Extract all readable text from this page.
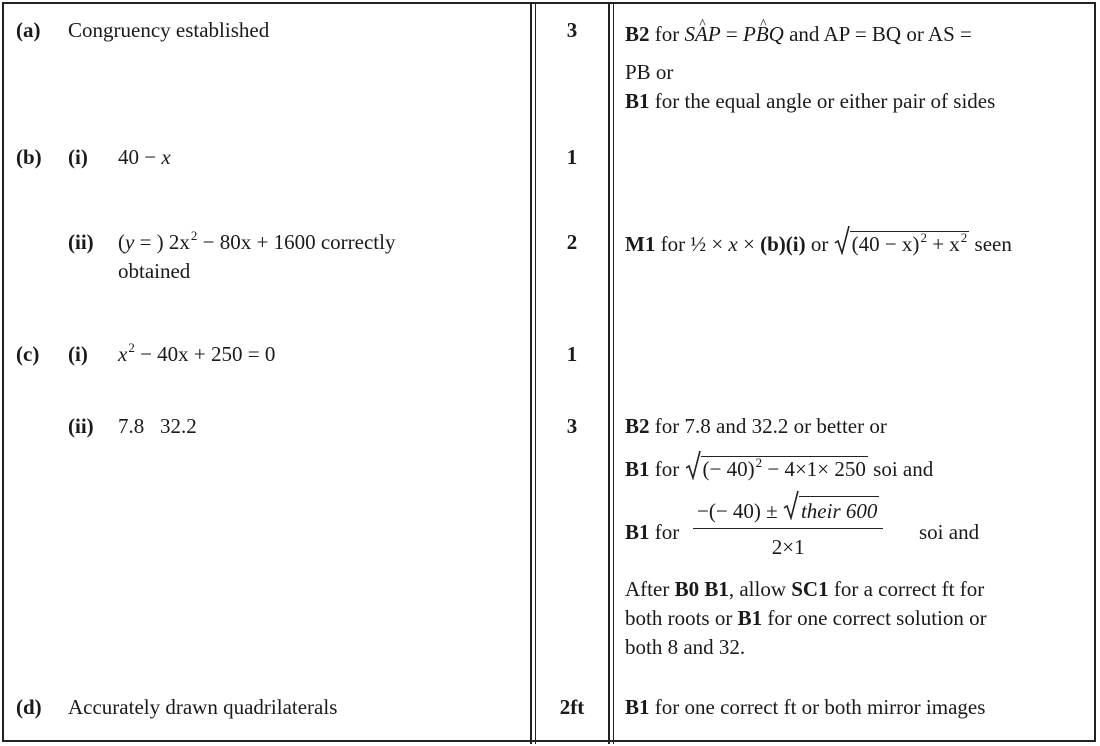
(a) Congruency established	3	B2 for ^ SAP = ^ PBQ and AP = BQ or AS =
PB or
B1 for the equal angle or either pair of sides
(b) (i) 40 − x	1
(ii) (y = ) $2x^2 - 80x + 1600$ correctly
obtained
2	M1 for ½ × x × (b)(i) or $(40 - x)^2 + x^2$ seen
(c) (i) $x^2 - 40x + 250 = 0$	1
(ii) 7.8   32.2	3	B2 for 7.8 and 32.2 or better or
B1 for (− 40)$^2$ − 4×1× 250 soi and
B1 for
−(− 40) ± their 600
2×1
soi and
After B0 B1, allow SC1 for a correct ft for
both roots or B1 for one correct solution or
both 8 and 32.
(d) Accurately drawn quadrilaterals	2ft	B1 for one correct ft or both mirror images
